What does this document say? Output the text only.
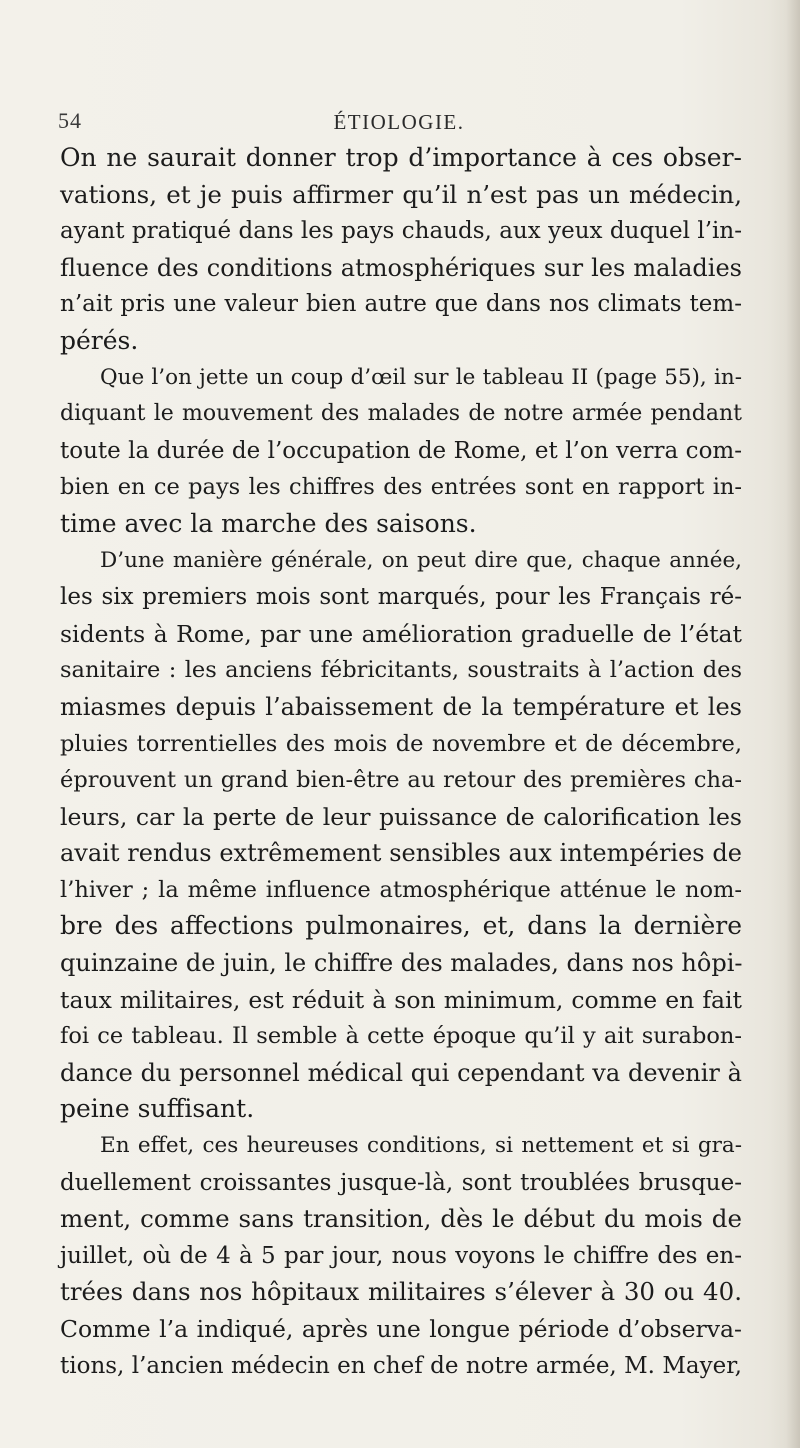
54	ÉTIOLOGIE.
On ne saurait donner trop d’importance à ces obser-
vations, et je puis affirmer qu’il n’est pas un médecin,
ayant pratiqué dans les pays chauds, aux yeux duquel l’in-
fluence des conditions atmosphériques sur les maladies
n’ait pris une valeur bien autre que dans nos climats tem-
pérés.
Que l’on jette un coup d’œil sur le tableau II (page 55), in-
diquant le mouvement des malades de notre armée pendant
toute la durée de l’occupation de Rome, et l’on verra com-
bien en ce pays les chiffres des entrées sont en rapport in-
time avec la marche des saisons.
D’une manière générale, on peut dire que, chaque année,
les six premiers mois sont marqués, pour les Français ré-
sidents à Rome, par une amélioration graduelle de l’état
sanitaire : les anciens fébricitants, soustraits à l’action des
miasmes depuis l’abaissement de la température et les
pluies torrentielles des mois de novembre et de décembre,
éprouvent un grand bien-être au retour des premières cha-
leurs, car la perte de leur puissance de calorification les
avait rendus extrêmement sensibles aux intempéries de
l’hiver ; la même influence atmosphérique atténue le nom-
bre des affections pulmonaires, et, dans la dernière
quinzaine de juin, le chiffre des malades, dans nos hôpi-
taux militaires, est réduit à son minimum, comme en fait
foi ce tableau. Il semble à cette époque qu’il y ait surabon-
dance du personnel médical qui cependant va devenir à
peine suffisant.
En effet, ces heureuses conditions, si nettement et si gra-
duellement croissantes jusque-là, sont troublées brusque-
ment, comme sans transition, dès le début du mois de
juillet, où de 4 à 5 par jour, nous voyons le chiffre des en-
trées dans nos hôpitaux militaires s’élever à 30 ou 40.
Comme l’a indiqué, après une longue période d’observa-
tions, l’ancien médecin en chef de notre armée, M. Mayer,
